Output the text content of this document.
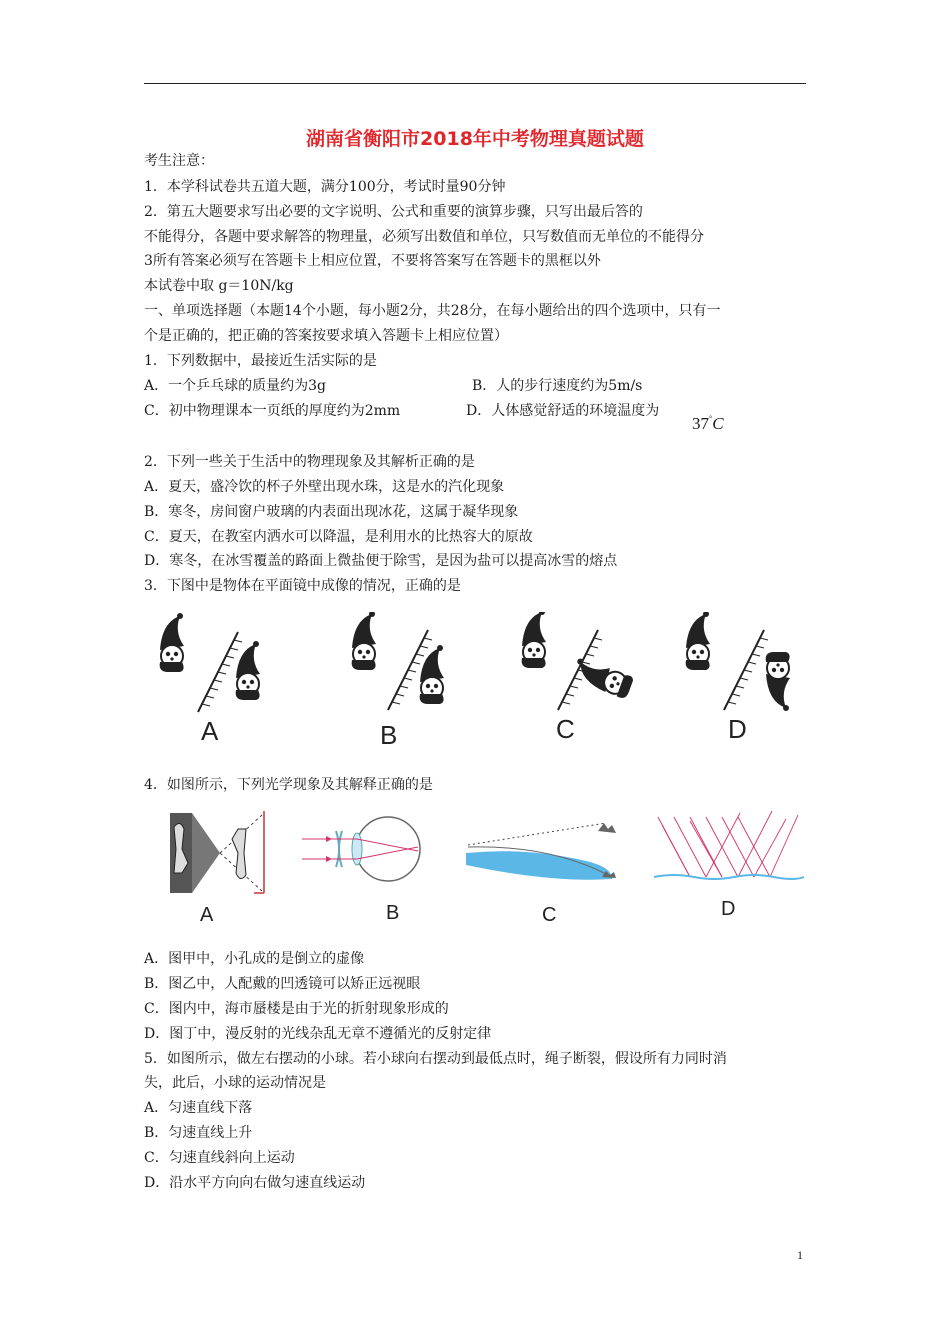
湖南省衡阳市2018年中考物理真题试题
考生注意：
1．本学科试卷共五道大题，满分100分，考试时量90分钟
2．第五大题要求写出必要的文字说明、公式和重要的演算步骤，只写出最后答的
不能得分，各题中要求解答的物理量，必须写出数值和单位，只写数值而无单位的不能得分
3所有答案必须写在答题卡上相应位置，不要将答案写在答题卡的黑框以外
本试卷中取 g＝10N/kg
一、单项选择题（本题14个小题，每小题2分，共28分，在每小题给出的四个选项中，只有一
个是正确的，把正确的答案按要求填入答题卡上相应位置）
1．下列数据中，最接近生活实际的是
A．一个乒乓球的质量约为3g	B．人的步行速度约为5m/s
C．初中物理课本一页纸的厚度约为2mm	D．人体感觉舒适的环境温度为
37°C
2．下列一些关于生活中的物理现象及其解析正确的是
A．夏天，盛冷饮的杯子外壁出现水珠，这是水的汽化现象
B．寒冬，房间窗户玻璃的内表面出现冰花，这属于凝华现象
C．夏天，在教室内洒水可以降温，是利用水的比热容大的原故
D．寒冬，在冰雪覆盖的路面上微盐便于除雪，是因为盐可以提高冰雪的熔点
3．下图中是物体在平面镜中成像的情况，正确的是
A	B	C	D
4．如图所示，下列光学现象及其解释正确的是
A	B	C	D
A．图甲中，小孔成的是倒立的虚像
B．图乙中，人配戴的凹透镜可以矫正远视眼
C．图内中，海市蜃楼是由于光的折射现象形成的
D．图丁中，漫反射的光线杂乱无章不遵循光的反射定律
5．如图所示，做左右摆动的小球。若小球向右摆动到最低点时，绳子断裂，假设所有力同时消
失，此后，小球的运动情况是
A．匀速直线下落
B．匀速直线上升
C．匀速直线斜向上运动
D．沿水平方向向右做匀速直线运动
1
